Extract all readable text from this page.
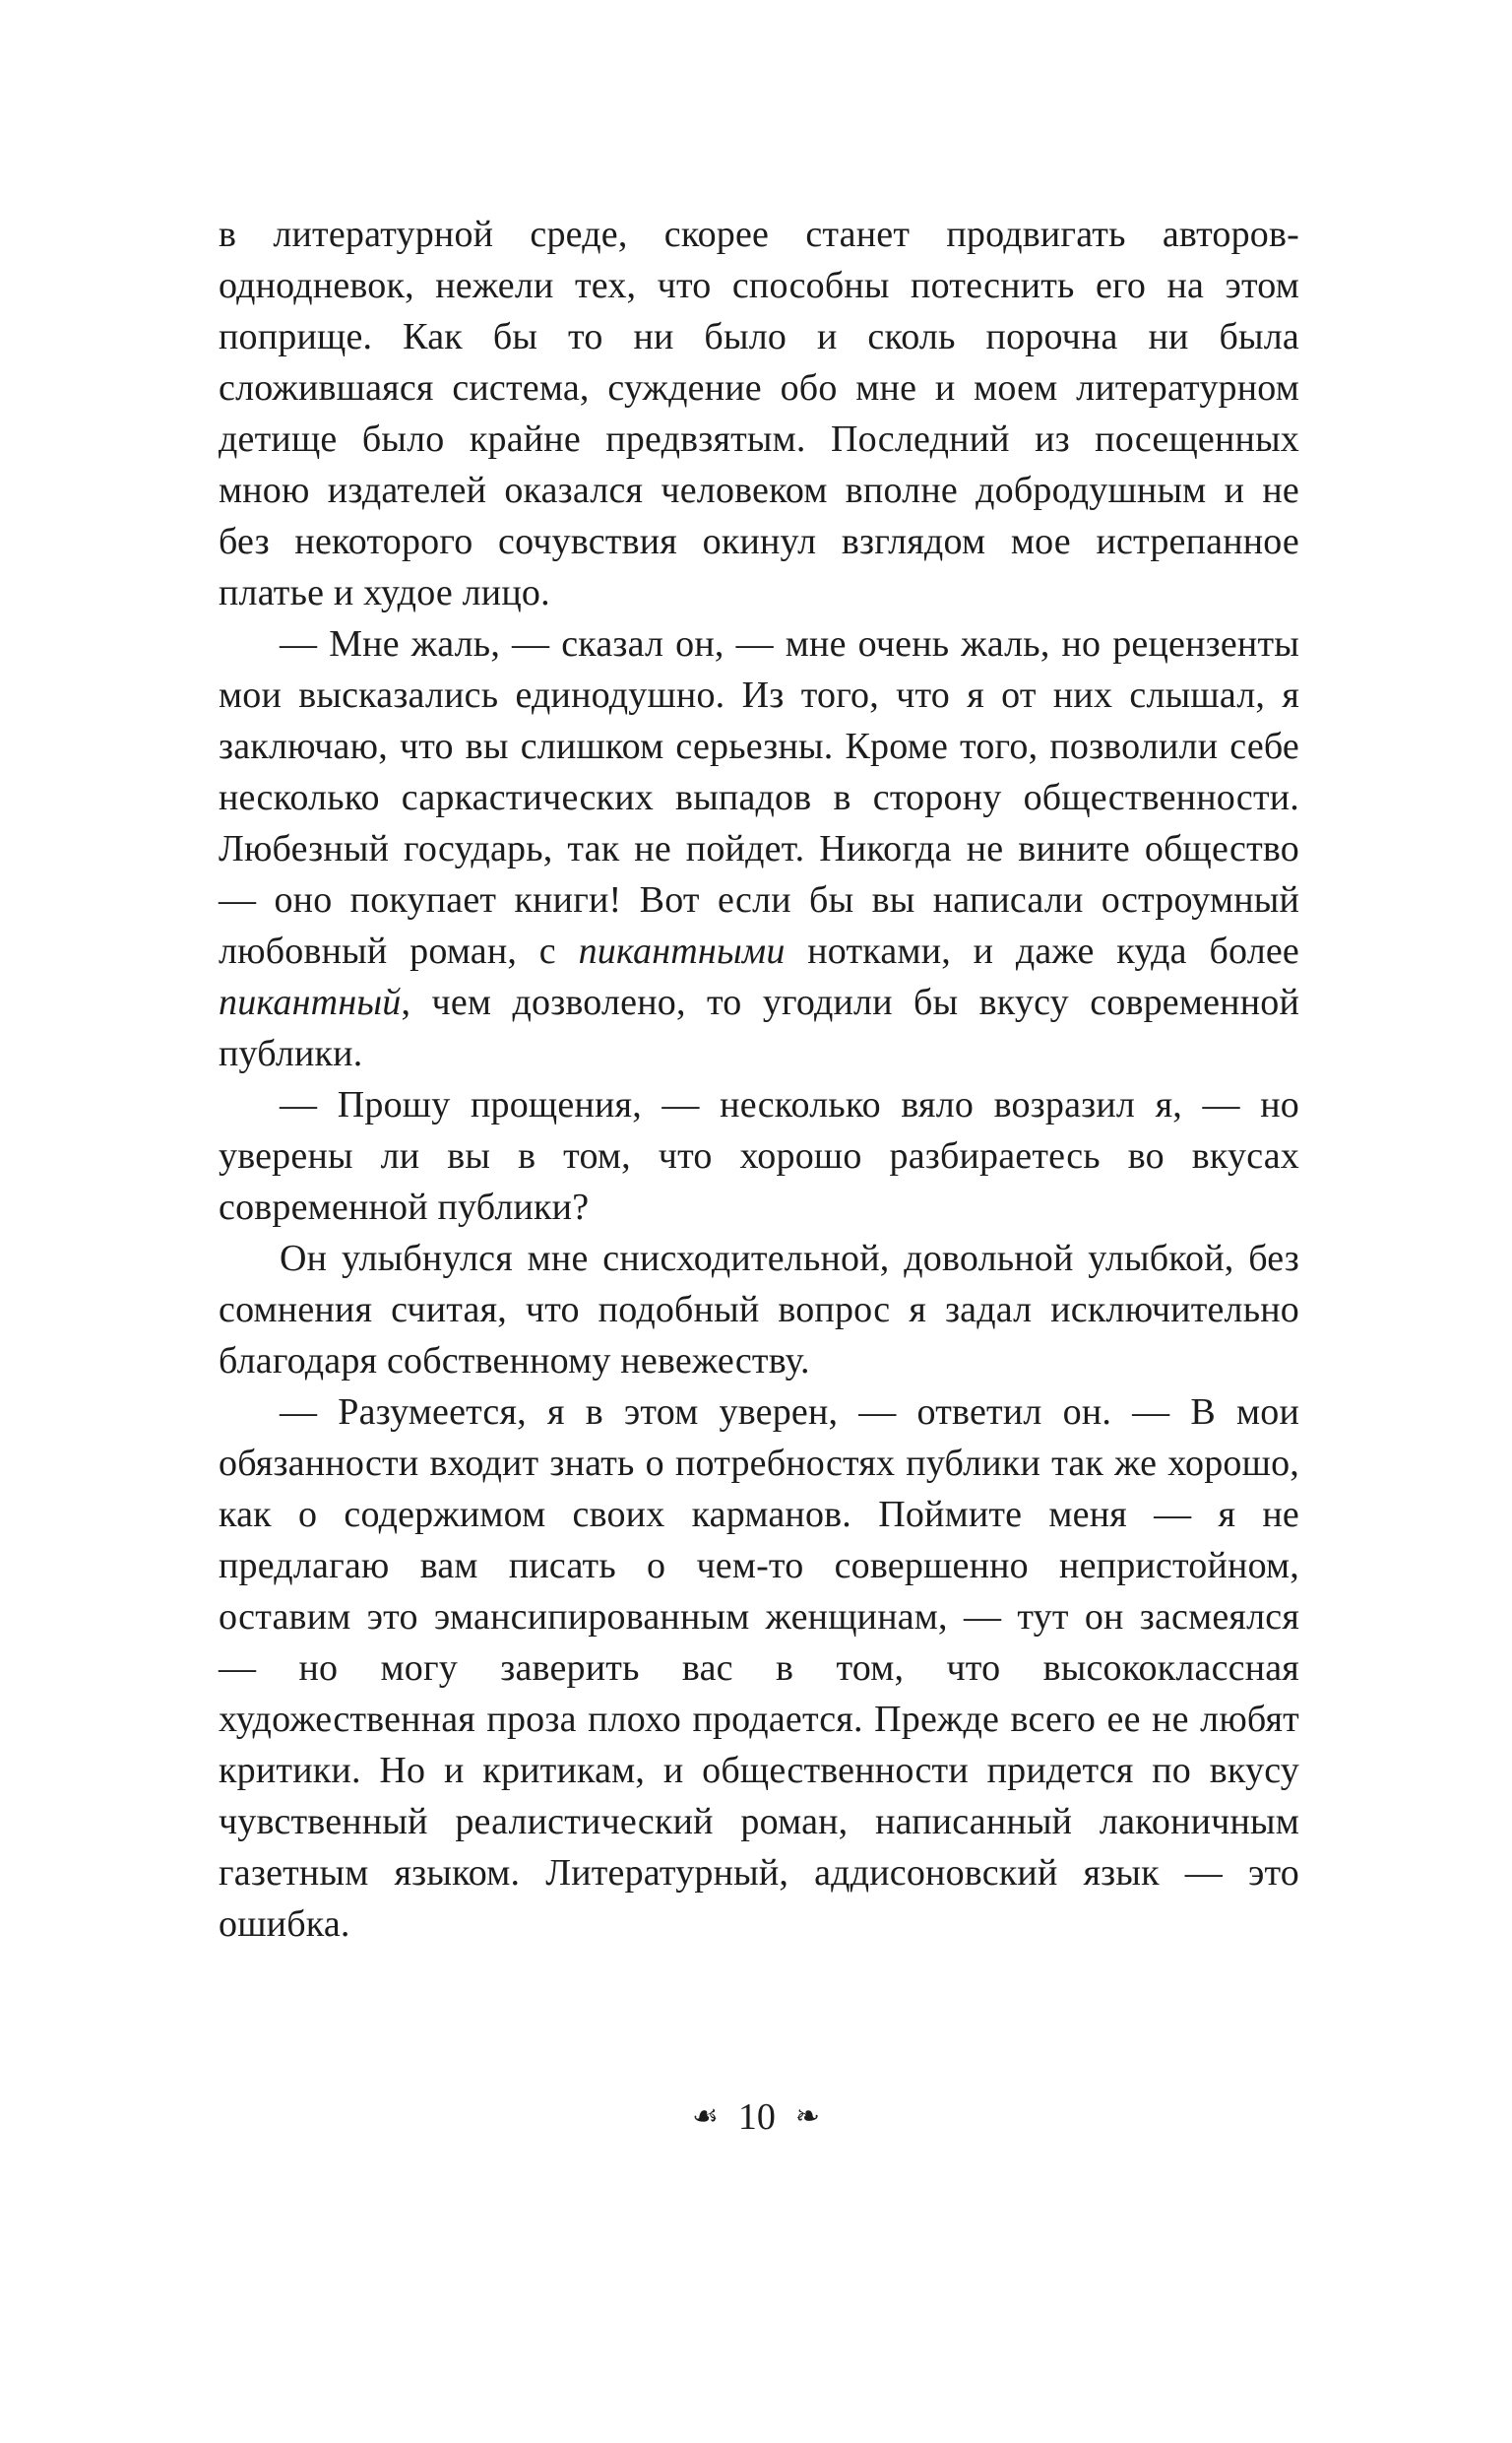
в литературной среде, скорее станет продвигать авторов-однодневок, нежели тех, что способны потеснить его на этом поприще. Как бы то ни было и сколь порочна ни была сложившаяся система, суждение обо мне и моем литературном детище было крайне предвзятым. Последний из посещенных мною издателей оказался человеком вполне добродушным и не без некоторого сочувствия окинул взглядом мое истрепанное платье и худое лицо.

— Мне жаль, — сказал он, — мне очень жаль, но рецензенты мои высказались единодушно. Из того, что я от них слышал, я заключаю, что вы слишком серьезны. Кроме того, позволили себе несколько саркастических выпадов в сторону общественности. Любезный государь, так не пойдет. Никогда не вините общество — оно покупает книги! Вот если бы вы написали остроумный любовный роман, с пикантными нотками, и даже куда более пикантный, чем дозволено, то угодили бы вкусу современной публики.

— Прошу прощения, — несколько вяло возразил я, — но уверены ли вы в том, что хорошо разбираетесь во вкусах современной публики?

Он улыбнулся мне снисходительной, довольной улыбкой, без сомнения считая, что подобный вопрос я задал исключительно благодаря собственному невежеству.

— Разумеется, я в этом уверен, — ответил он. — В мои обязанности входит знать о потребностях публики так же хорошо, как о содержимом своих карманов. Поймите меня — я не предлагаю вам писать о чем-то совершенно непристойном, оставим это эмансипированным женщинам, — тут он засмеялся — но могу заверить вас в том, что высококлассная художественная проза плохо продается. Прежде всего ее не любят критики. Но и критикам, и общественности придется по вкусу чувственный реалистический роман, написанный лаконичным газетным языком. Литературный, аддисоновский язык — это ошибка.

☙ 10 ❧
